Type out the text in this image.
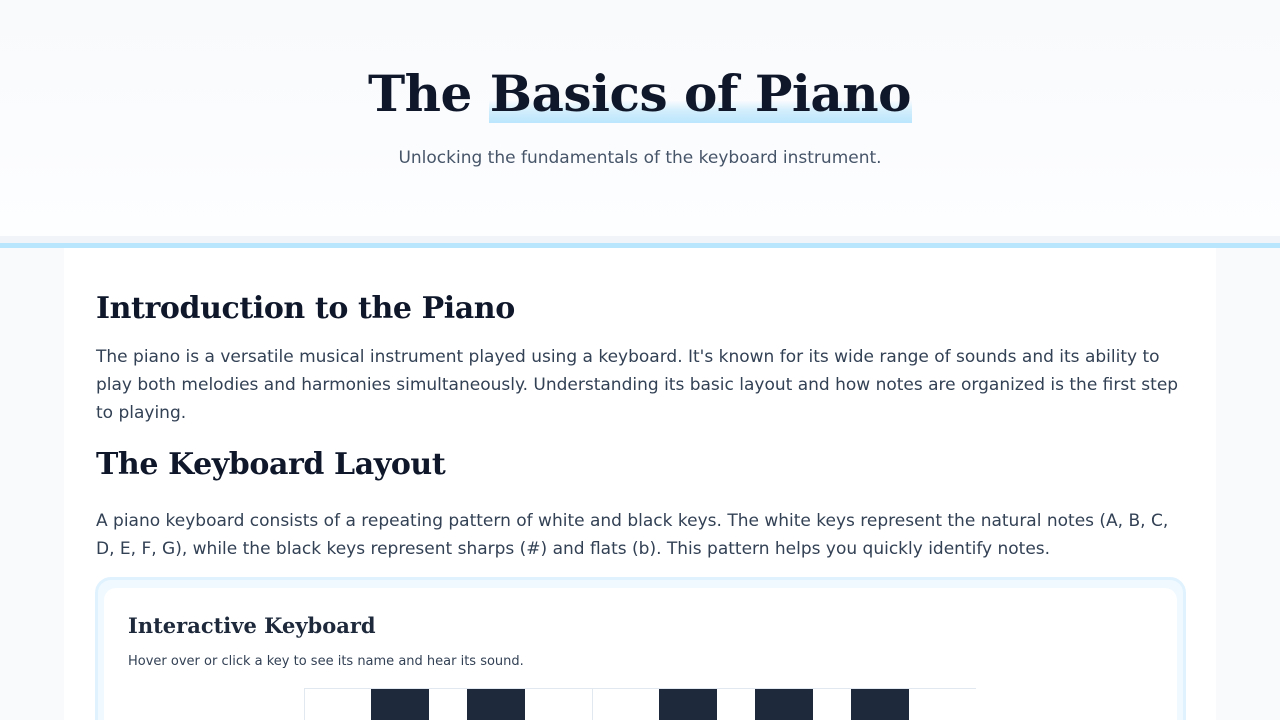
The Basics of Piano

Unlocking the fundamentals of the keyboard instrument.

Introduction to the Piano

The piano is a versatile musical instrument played using a keyboard. It's known for its wide range of sounds and its ability to play both melodies and harmonies simultaneously. Understanding its basic layout and how notes are organized is the first step to playing.

The Keyboard Layout

A piano keyboard consists of a repeating pattern of white and black keys. The white keys represent the natural notes (A, B, C, D, E, F, G), while the black keys represent sharps (#) and flats (b). This pattern helps you quickly identify notes.

Interactive Keyboard

Hover over or click a key to see its name and hear its sound.
